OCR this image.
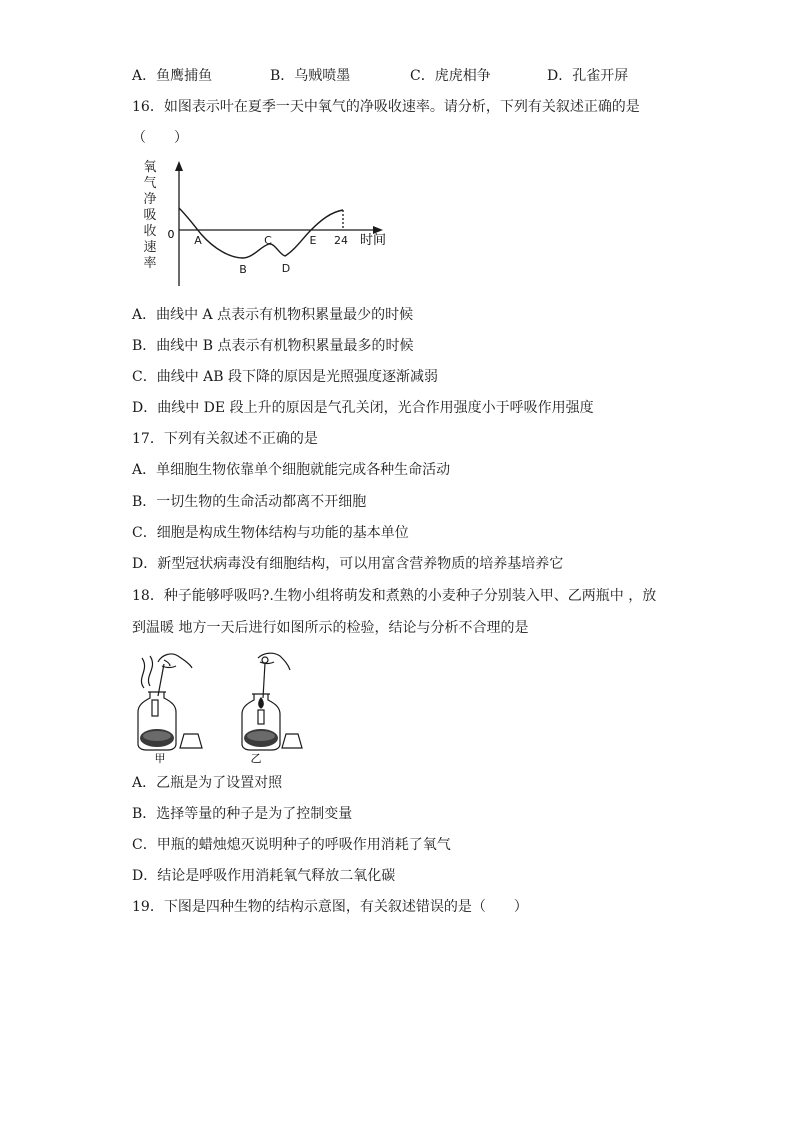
A．鱼鹰捕鱼	B．乌贼喷墨	C．虎虎相争	D．孔雀开屏
16．如图表示叶在夏季一天中氧气的净吸收速率。请分析，下列有关叙述正确的是
（　　）
氧
气
净
吸
收
速
率
0 A
B
C
D
E 24 时间
A．曲线中 A 点表示有机物积累量最少的时候
B．曲线中 B 点表示有机物积累量最多的时候
C．曲线中 AB 段下降的原因是光照强度逐渐减弱
D．曲线中 DE 段上升的原因是气孔关闭，光合作用强度小于呼吸作用强度
17．下列有关叙述不正确的是
A．单细胞生物依靠单个细胞就能完成各种生命活动
B．一切生物的生命活动都离不开细胞
C．细胞是构成生物体结构与功能的基本单位
D．新型冠状病毒没有细胞结构，可以用富含营养物质的培养基培养它
18．种子能够呼吸吗?.生物小组将萌发和煮熟的小麦种子分别装入甲、乙两瓶中 ，放
到温暖 地方一天后进行如图所示的检验，结论与分析不合理的是
甲	乙
A．乙瓶是为了设置对照
B．选择等量的种子是为了控制变量
C．甲瓶的蜡烛熄灭说明种子的呼吸作用消耗了氧气
D．结论是呼吸作用消耗氧气释放二氧化碳
19．下图是四种生物的结构示意图，有关叙述错误的是（　　）
